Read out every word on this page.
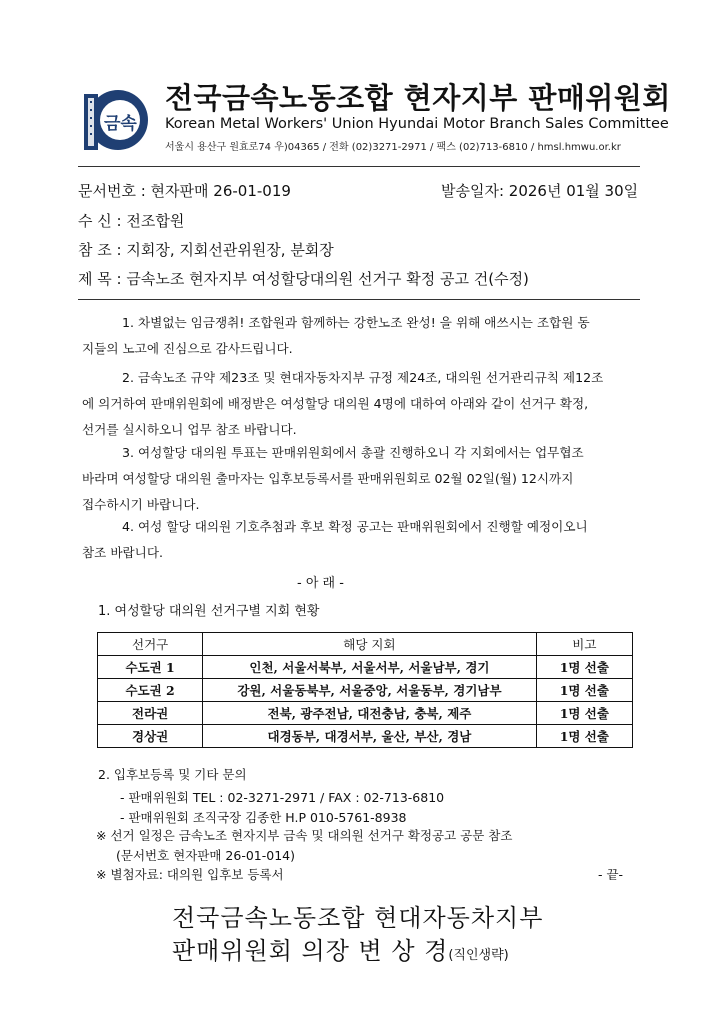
금속
전국금속노동조합 현자지부 판매위원회
Korean Metal Workers' Union Hyundai Motor Branch Sales Committee
서울시 용산구 원효로74 우)04365 / 전화 (02)3271-2971 / 팩스 (02)713-6810 / hmsl.hmwu.or.kr
문서번호 : 현자판매 26-01-019	발송일자: 2026년 01월 30일
수 신 : 전조합원
참 조 : 지회장, 지회선관위원장, 분회장
제 목 : 금속노조 현자지부 여성할당대의원 선거구 확정 공고 건(수정)
1. 차별없는 임금쟁취! 조합원과 함께하는 강한노조 완성! 을 위해 애쓰시는 조합원 동
지들의 노고에 진심으로 감사드립니다.
2. 금속노조 규약 제23조 및 현대자동차지부 규정 제24조, 대의원 선거관리규칙 제12조
에 의거하여 판매위원회에 배정받은 여성할당 대의원 4명에 대하여 아래와 같이 선거구 확정,
선거를 실시하오니 업무 참조 바랍니다.
3. 여성할당 대의원 투표는 판매위원회에서 총괄 진행하오니 각 지회에서는 업무협조
바라며 여성할당 대의원 출마자는 입후보등록서를 판매위원회로 02월 02일(월) 12시까지
접수하시기 바랍니다.
4. 여성 할당 대의원 기호추첨과 후보 확정 공고는 판매위원회에서 진행할 예정이오니
참조 바랍니다.
- 아 래 -
1. 여성할당 대의원 선거구별 지회 현황
선거구	해당 지회	비고
수도권 1	인천, 서울서북부, 서울서부, 서울남부, 경기	1명 선출
수도권 2	강원, 서울동북부, 서울중앙, 서울동부, 경기남부	1명 선출
전라권	전북, 광주전남, 대전충남, 충북, 제주	1명 선출
경상권	대경동부, 대경서부, 울산, 부산, 경남	1명 선출
2. 입후보등록 및 기타 문의
- 판매위원회 TEL : 02-3271-2971 / FAX : 02-713-6810
- 판매위원회 조직국장 김종한 H.P 010-5761-8938
※ 선거 일정은 금속노조 현자지부 금속 및 대의원 선거구 확정공고 공문 참조
(문서번호 현자판매 26-01-014)
※ 별첨자료: 대의원 입후보 등록서	- 끝-
전국금속노동조합 현대자동차지부
판매위원회 의장 변 상 경(직인생략)
